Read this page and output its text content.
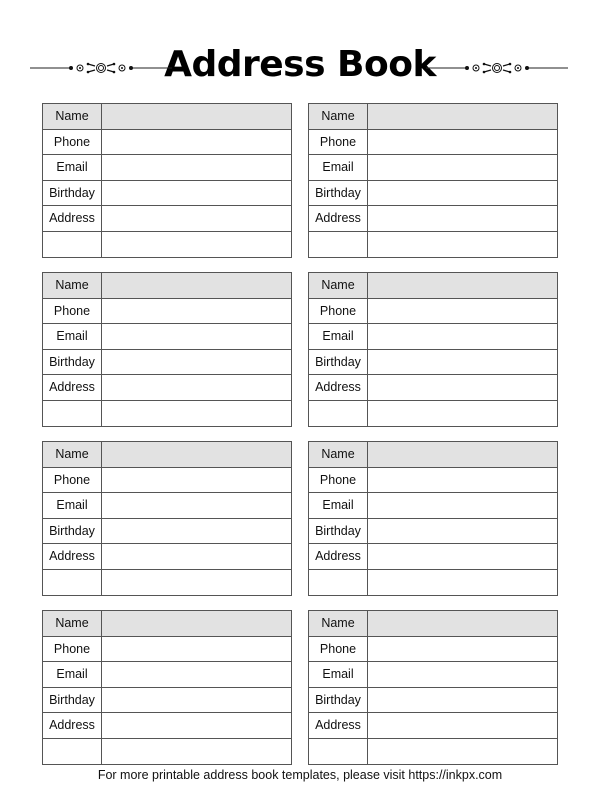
Address Book
Name
Phone
Email
Birthday
Address
Name
Phone
Email
Birthday
Address
Name
Phone
Email
Birthday
Address
Name
Phone
Email
Birthday
Address
Name
Phone
Email
Birthday
Address
Name
Phone
Email
Birthday
Address
Name
Phone
Email
Birthday
Address
Name
Phone
Email
Birthday
Address
For more printable address book templates, please visit https://inkpx.com
